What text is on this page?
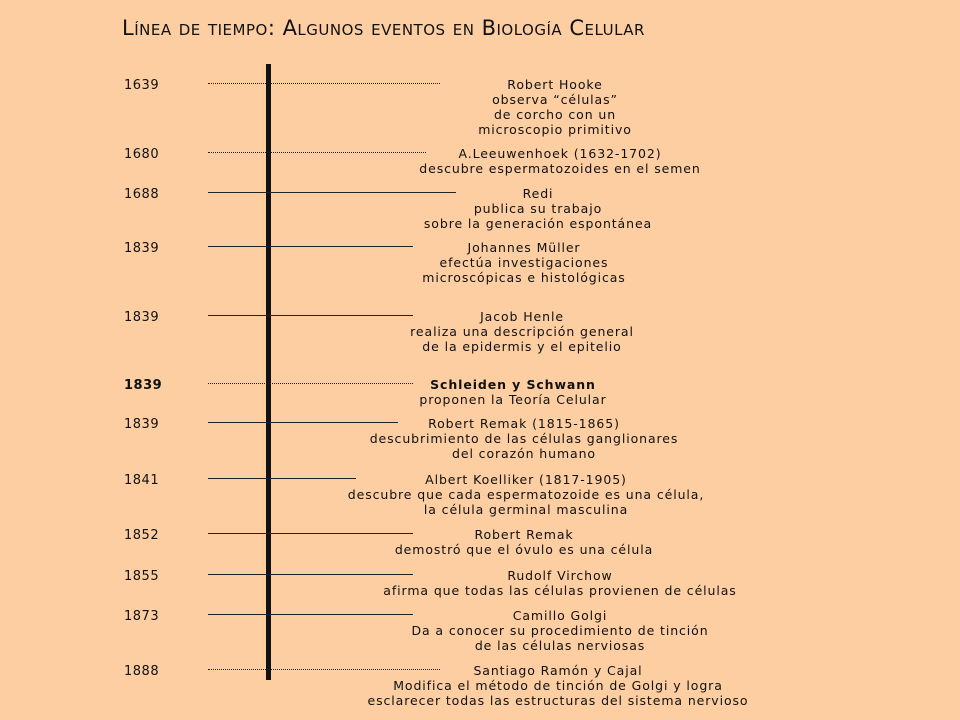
Línea de tiempo: Algunos eventos en Biología Celular
1639	Robert Hooke
observa “células”
de corcho con un
microscopio primitivo
1680	A.Leeuwenhoek (1632-1702)
descubre espermatozoides en el semen
1688	Redi
publica su trabajo
sobre la generación espontánea
1839	Johannes Müller
efectúa investigaciones
microscópicas e histológicas
1839	Jacob Henle
realiza una descripción general
de la epidermis y el epitelio
1839	Schleiden y Schwann
proponen la Teoría Celular
1839	Robert Remak (1815-1865)
descubrimiento de las células ganglionares
del corazón humano
1841	Albert Koelliker (1817-1905)
descubre que cada espermatozoide es una célula,
la célula germinal masculina
1852	Robert Remak
demostró que el óvulo es una célula
1855	Rudolf Virchow
afirma que todas las células provienen de células
1873	Camillo Golgi
Da a conocer su procedimiento de tinción
de las células nerviosas
1888	Santiago Ramón y Cajal
Modifica el método de tinción de Golgi y logra
esclarecer todas las estructuras del sistema nervioso
